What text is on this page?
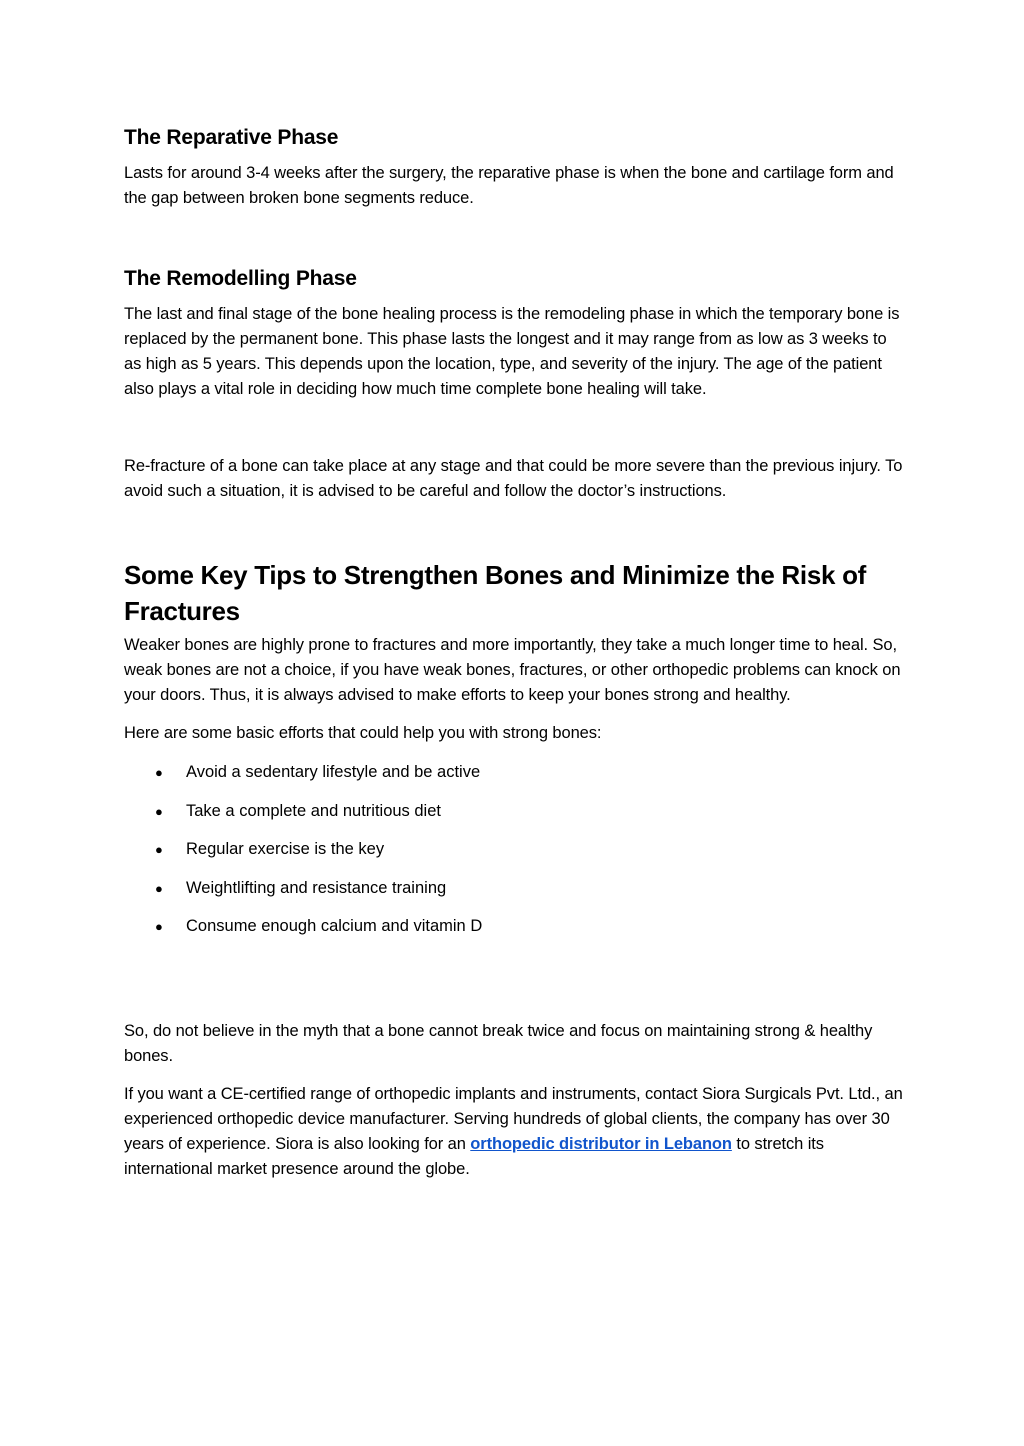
The Reparative Phase

Lasts for around 3-4 weeks after the surgery, the reparative phase is when the bone and cartilage form and the gap between broken bone segments reduce.

The Remodelling Phase

The last and final stage of the bone healing process is the remodeling phase in which the temporary bone is replaced by the permanent bone. This phase lasts the longest and it may range from as low as 3 weeks to as high as 5 years. This depends upon the location, type, and severity of the injury. The age of the patient also plays a vital role in deciding how much time complete bone healing will take.

Re-fracture of a bone can take place at any stage and that could be more severe than the previous injury. To avoid such a situation, it is advised to be careful and follow the doctor’s instructions.

Some Key Tips to Strengthen Bones and Minimize the Risk of Fractures

Weaker bones are highly prone to fractures and more importantly, they take a much longer time to heal. So, weak bones are not a choice, if you have weak bones, fractures, or other orthopedic problems can knock on your doors. Thus, it is always advised to make efforts to keep your bones strong and healthy.

Here are some basic efforts that could help you with strong bones:

● Avoid a sedentary lifestyle and be active
● Take a complete and nutritious diet
● Regular exercise is the key
● Weightlifting and resistance training
● Consume enough calcium and vitamin D

So, do not believe in the myth that a bone cannot break twice and focus on maintaining strong & healthy bones.

If you want a CE-certified range of orthopedic implants and instruments, contact Siora Surgicals Pvt. Ltd., an experienced orthopedic device manufacturer. Serving hundreds of global clients, the company has over 30 years of experience. Siora is also looking for an orthopedic distributor in Lebanon to stretch its international market presence around the globe.
